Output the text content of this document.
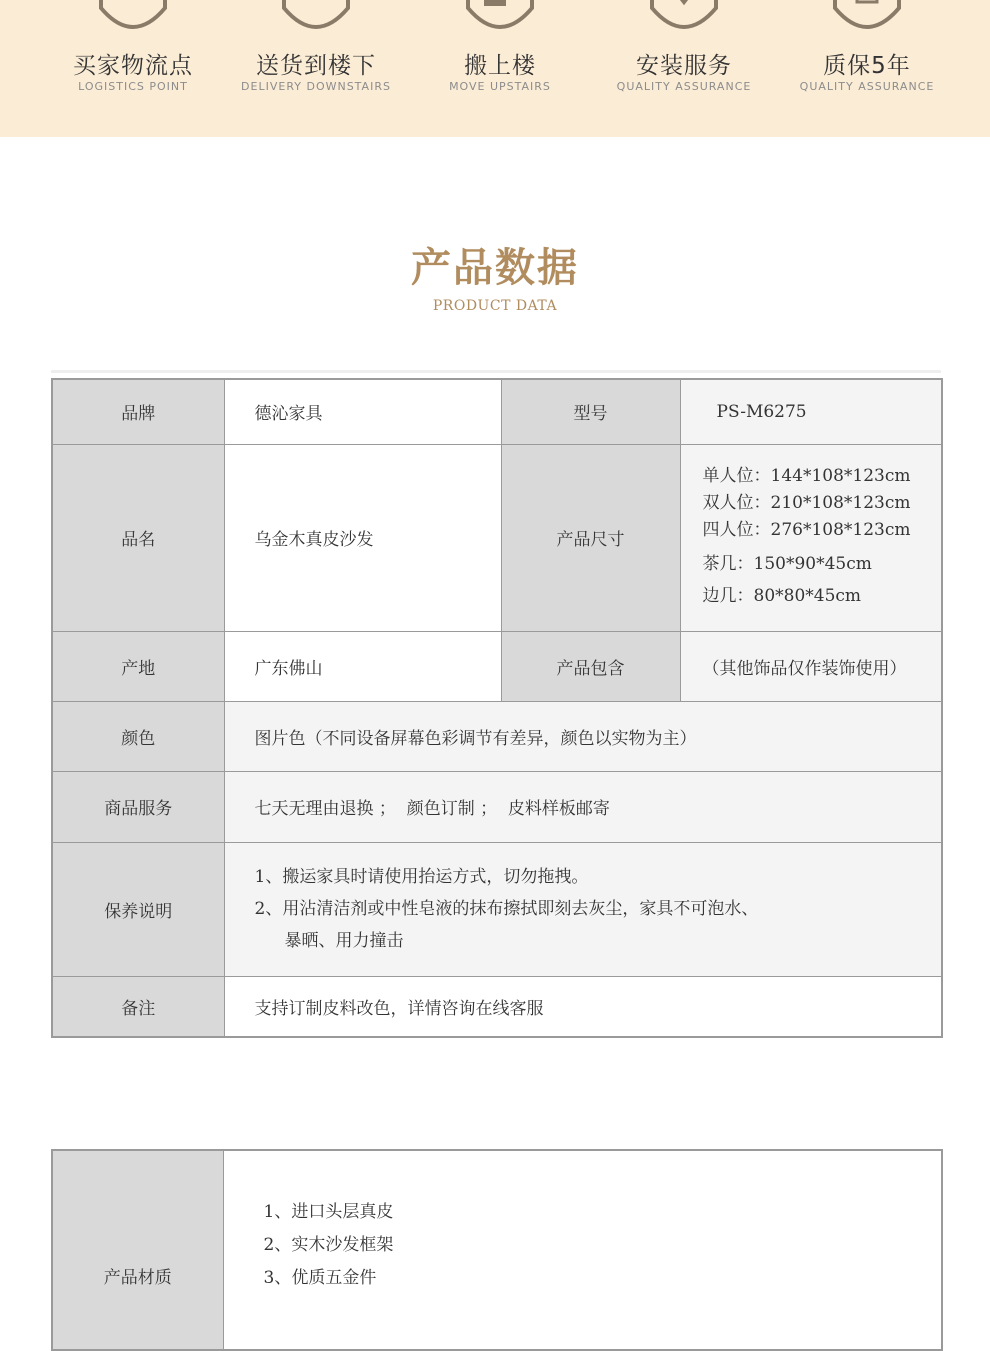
买家物流点
LOGISTICS POINT
送货到楼下
DELIVERY DOWNSTAIRS
搬上楼
MOVE UPSTAIRS
安装服务
QUALITY ASSURANCE
质保5年
QUALITY ASSURANCE
产品数据
PRODUCT DATA
品牌	德沁家具	型号	PS-M6275
品名	乌金木真皮沙发	产品尺寸	单人位：144*108*123cm
双人位：210*108*123cm
四人位：276*108*123cm
茶几：150*90*45cm
边几：80*80*45cm

产地	广东佛山	产品包含	（其他饰品仅作装饰使用）
颜色	图片色（不同设备屏幕色彩调节有差异，颜色以实物为主）		
商品服务	七天无理由退换 ；  颜色订制 ；  皮料样板邮寄		
保养说明	1、搬运家具时请使用抬运方式，切勿拖拽。
2、用沾清洁剂或中性皂液的抹布擦拭即刻去灰尘，家具不可泡水、
暴晒、用力撞击		

备注	支持订制皮料改色，详情咨询在线客服		
产品材质	
1、进口头层真皮
2、实木沙发框架
3、优质五金件
